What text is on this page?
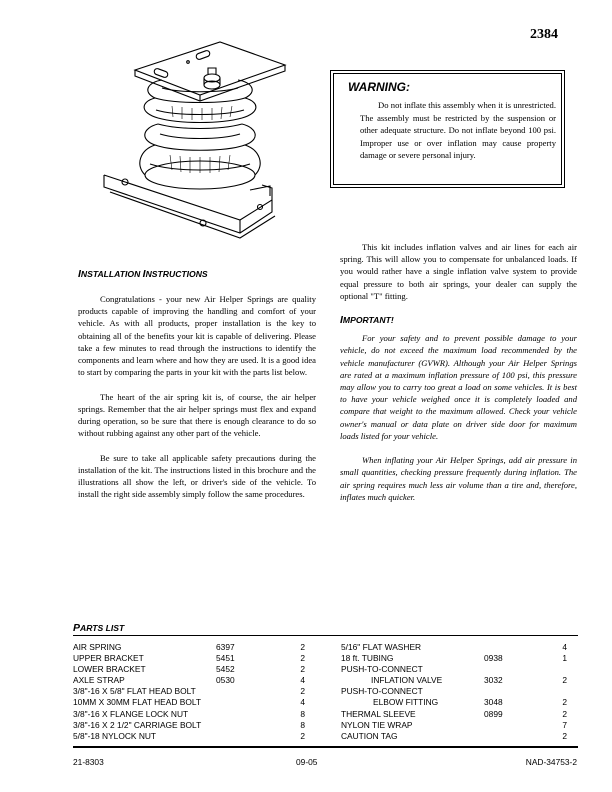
2384
WARNING:
Do not inflate this assembly when it is unrestricted. The assembly must be restricted by the suspension or other adequate structure. Do not inflate beyond 100 psi. Improper use or over inflation may cause property damage or severe personal injury.
INSTALLATION INSTRUCTIONS

Congratulations - your new Air Helper Springs are quality products capable of improving the handling and comfort of your vehicle. As with all products, proper installation is the key to obtaining all of the benefits your kit is capable of delivering. Please take a few minutes to read through the instructions to identify the components and learn where and how they are used. It is a good idea to start by comparing the parts in your kit with the parts list below.

The heart of the air spring kit is, of course, the air helper springs. Remember that the air helper springs must flex and expand during operation, so be sure that there is enough clearance to do so without rubbing against any other part of the vehicle.

Be sure to take all applicable safety precautions during the installation of the kit. The instructions listed in this brochure and the illustrations all show the left, or driver's side of the vehicle. To install the right side assembly simply follow the same procedures.

This kit includes inflation valves and air lines for each air spring. This will allow you to compensate for unbalanced loads. If you would rather have a single inflation valve system to provide equal pressure to both air springs, your dealer can supply the optional "T" fitting.

IMPORTANT!

For your safety and to prevent possible damage to your vehicle, do not exceed the maximum load recommended by the vehicle manufacturer (GVWR). Although your Air Helper Springs are rated at a maximum inflation pressure of 100 psi, this pressure may allow you to carry too great a load on some vehicles. It is best to have your vehicle weighed once it is completely loaded and compare that weight to the maximum allowed. Check your vehicle owner's manual or data plate on driver side door for maximum loads listed for your vehicle.

When inflating your Air Helper Springs, add air pressure in small quantities, checking pressure frequently during inflation. The air spring requires much less air volume than a tire and, therefore, inflates much quicker.

PARTS LIST
AIR SPRING	6397	2
UPPER BRACKET	5451	2
LOWER BRACKET	5452	2
AXLE STRAP	0530	4
3/8"-16 X 5/8" FLAT HEAD BOLT	2
10MM X 30MM FLAT HEAD BOLT	4
3/8"-16 X FLANGE LOCK NUT	8
3/8"-16 X 2 1/2" CARRIAGE BOLT	8
5/8"-18 NYLOCK NUT	2
5/16" FLAT WASHER	4
18 ft. TUBING	0938	1
PUSH-TO-CONNECT
INFLATION VALVE	3032	2
PUSH-TO-CONNECT
ELBOW FITTING	3048	2
THERMAL SLEEVE	0899	2
NYLON TIE WRAP	7
CAUTION TAG	2
21-8303	09-05	NAD-34753-2
